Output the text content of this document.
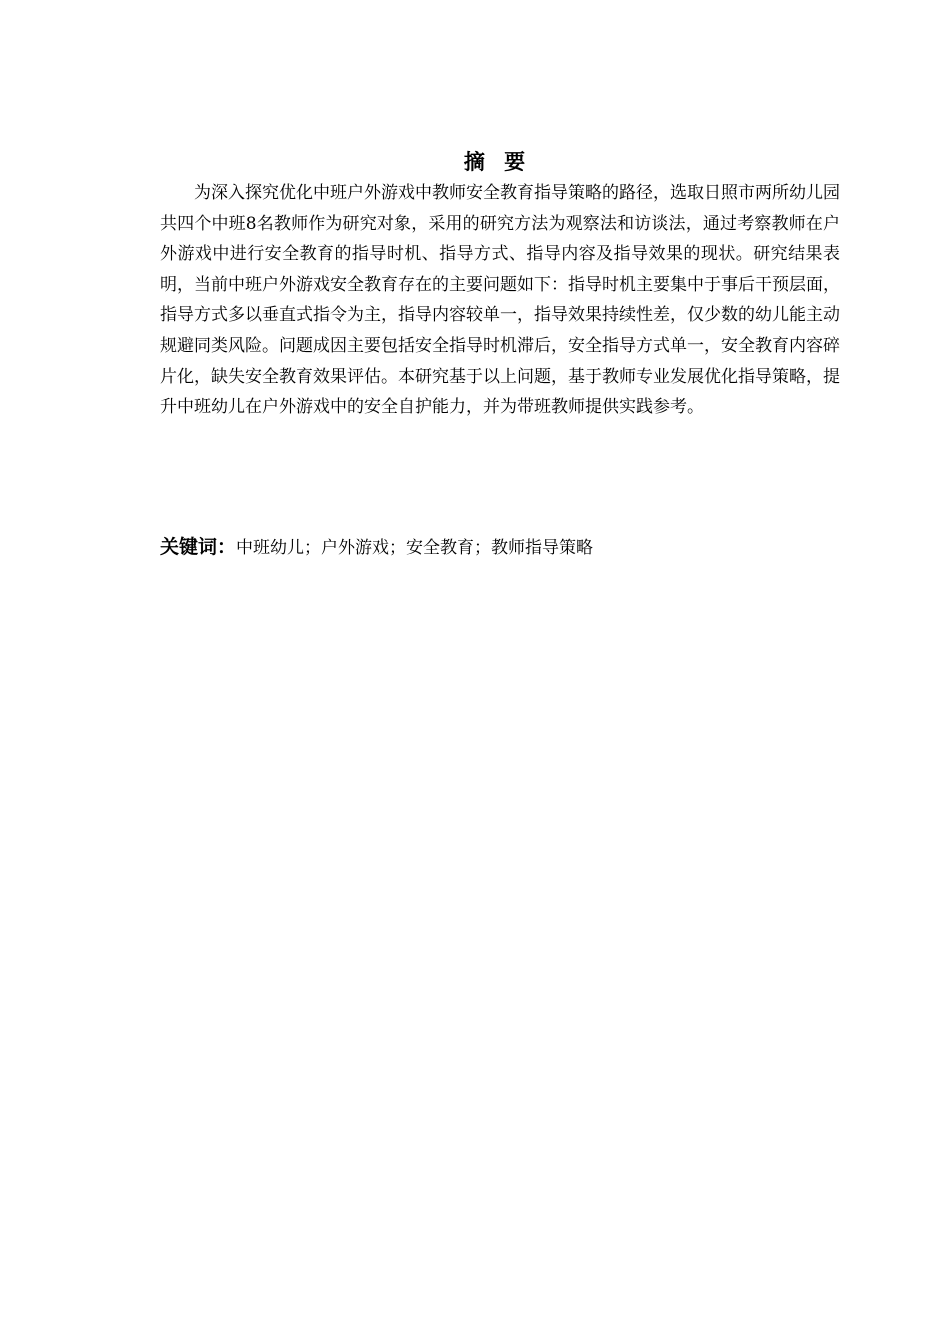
摘 要

为深入探究优化中班户外游戏中教师安全教育指导策略的路径，选取日照市两所幼儿园共四个中班8名教师作为研究对象，采用的研究方法为观察法和访谈法，通过考察教师在户外游戏中进行安全教育的指导时机、指导方式、指导内容及指导效果的现状。研究结果表明，当前中班户外游戏安全教育存在的主要问题如下：指导时机主要集中于事后干预层面，指导方式多以垂直式指令为主，指导内容较单一，指导效果持续性差，仅少数的幼儿能主动规避同类风险。问题成因主要包括安全指导时机滞后，安全指导方式单一，安全教育内容碎片化，缺失安全教育效果评估。本研究基于以上问题，基于教师专业发展优化指导策略，提升中班幼儿在户外游戏中的安全自护能力，并为带班教师提供实践参考。

关键词：中班幼儿；户外游戏；安全教育；教师指导策略
